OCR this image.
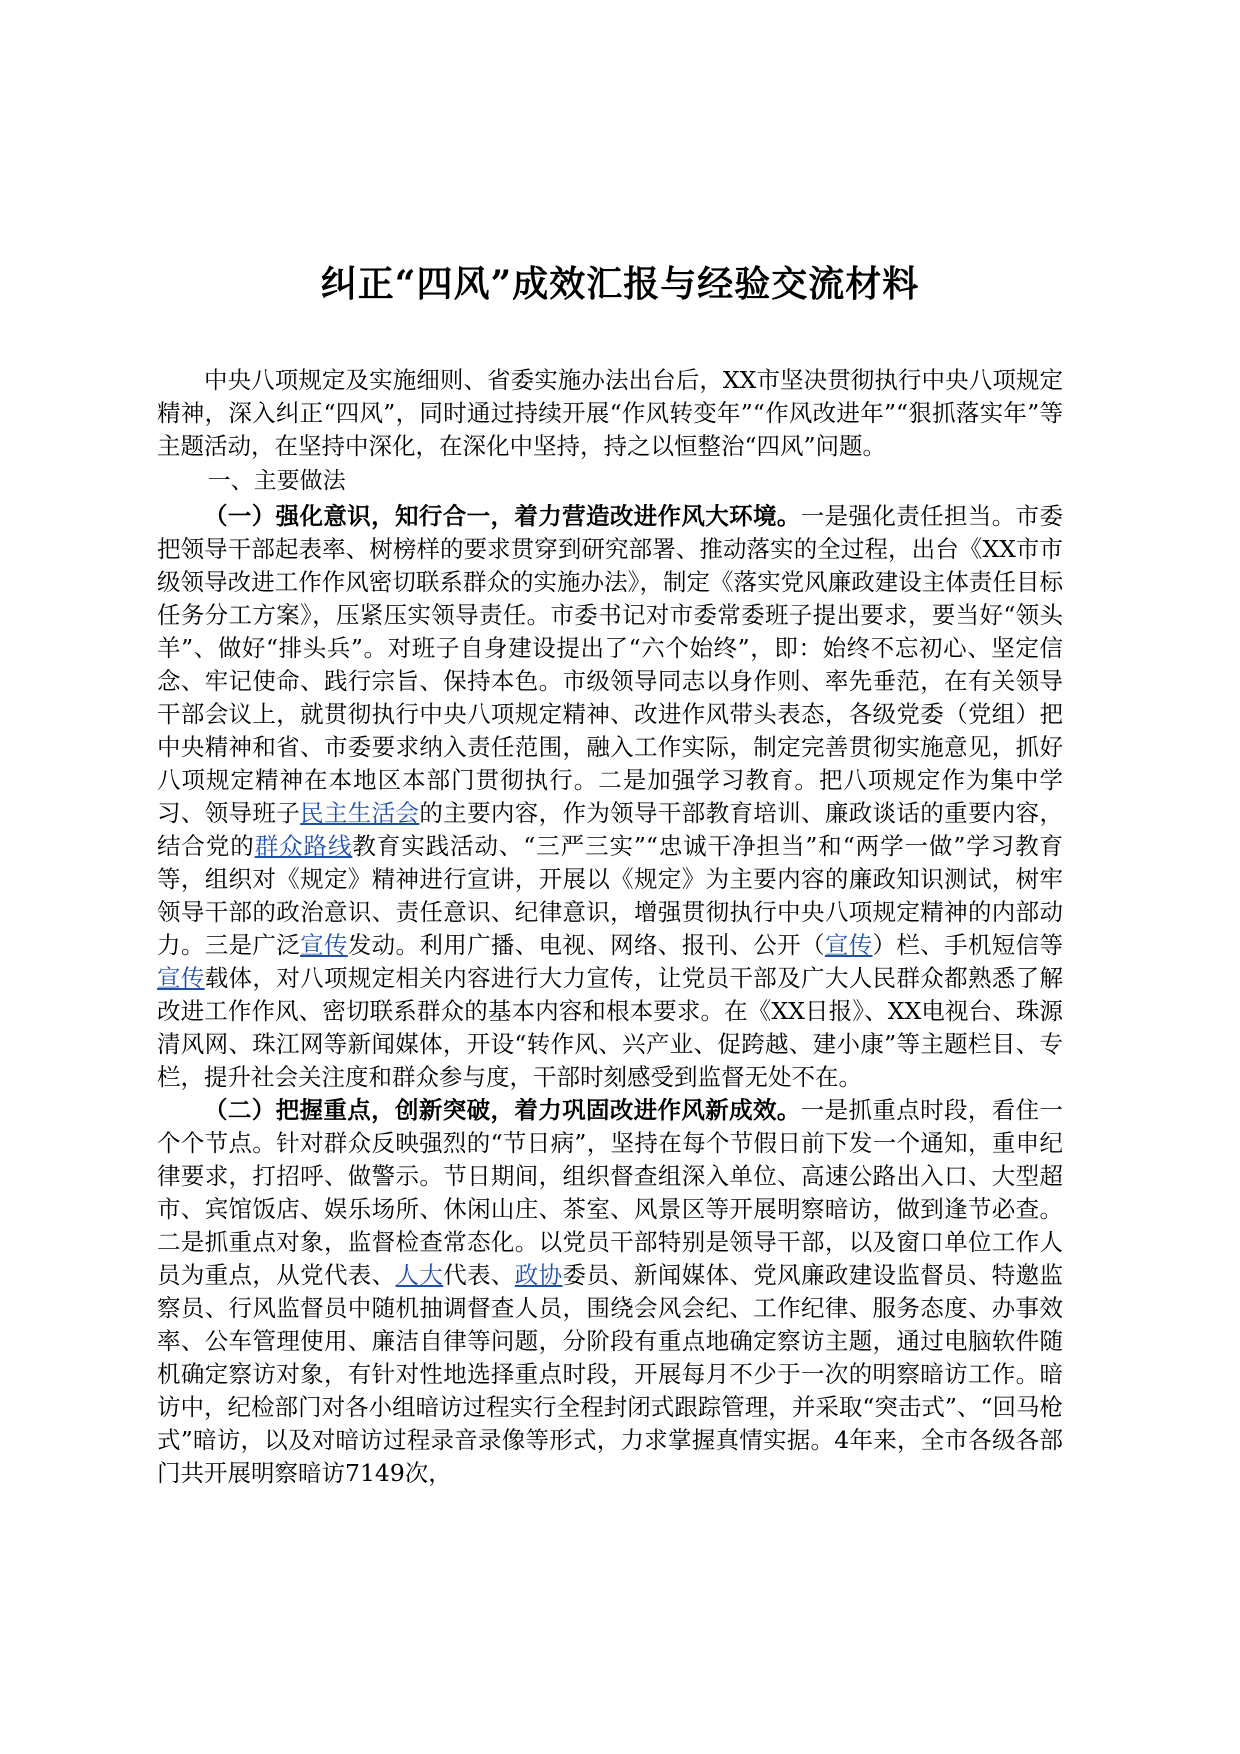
纠正“四风”成效汇报与经验交流材料

中央八项规定及实施细则、省委实施办法出台后，XX市坚决贯彻执行中央八项规定精神，深入纠正“四风”，同时通过持续开展“作风转变年”“作风改进年”“狠抓落实年”等主题活动，在坚持中深化，在深化中坚持，持之以恒整治“四风”问题。

一、主要做法

（一）强化意识，知行合一，着力营造改进作风大环境。一是强化责任担当。市委把领导干部起表率、树榜样的要求贯穿到研究部署、推动落实的全过程，出台《XX市市级领导改进工作作风密切联系群众的实施办法》，制定《落实党风廉政建设主体责任目标任务分工方案》，压紧压实领导责任。市委书记对市委常委班子提出要求，要当好“领头羊”、做好“排头兵”。对班子自身建设提出了“六个始终”，即：始终不忘初心、坚定信念、牢记使命、践行宗旨、保持本色。市级领导同志以身作则、率先垂范，在有关领导干部会议上，就贯彻执行中央八项规定精神、改进作风带头表态，各级党委（党组）把中央精神和省、市委要求纳入责任范围，融入工作实际，制定完善贯彻实施意见，抓好八项规定精神在本地区本部门贯彻执行。二是加强学习教育。把八项规定作为集中学习、领导班子民主生活会的主要内容，作为领导干部教育培训、廉政谈话的重要内容，结合党的群众路线教育实践活动、“三严三实”“忠诚干净担当”和“两学一做”学习教育等，组织对《规定》精神进行宣讲，开展以《规定》为主要内容的廉政知识测试，树牢领导干部的政治意识、责任意识、纪律意识，增强贯彻执行中央八项规定精神的内部动力。三是广泛宣传发动。利用广播、电视、网络、报刊、公开（宣传）栏、手机短信等宣传载体，对八项规定相关内容进行大力宣传，让党员干部及广大人民群众都熟悉了解改进工作作风、密切联系群众的基本内容和根本要求。在《XX日报》、XX电视台、珠源清风网、珠江网等新闻媒体，开设“转作风、兴产业、促跨越、建小康”等主题栏目、专栏，提升社会关注度和群众参与度，干部时刻感受到监督无处不在。

（二）把握重点，创新突破，着力巩固改进作风新成效。一是抓重点时段，看住一个个节点。针对群众反映强烈的“节日病”，坚持在每个节假日前下发一个通知，重申纪律要求，打招呼、做警示。节日期间，组织督查组深入单位、高速公路出入口、大型超市、宾馆饭店、娱乐场所、休闲山庄、茶室、风景区等开展明察暗访，做到逢节必查。二是抓重点对象，监督检查常态化。以党员干部特别是领导干部，以及窗口单位工作人员为重点，从党代表、人大代表、政协委员、新闻媒体、党风廉政建设监督员、特邀监察员、行风监督员中随机抽调督查人员，围绕会风会纪、工作纪律、服务态度、办事效率、公车管理使用、廉洁自律等问题，分阶段有重点地确定察访主题，通过电脑软件随机确定察访对象，有针对性地选择重点时段，开展每月不少于一次的明察暗访工作。暗访中，纪检部门对各小组暗访过程实行全程封闭式跟踪管理，并采取“突击式”、“回马枪式”暗访，以及对暗访过程录音录像等形式，力求掌握真情实据。4年来，全市各级各部门共开展明察暗访7149次，
